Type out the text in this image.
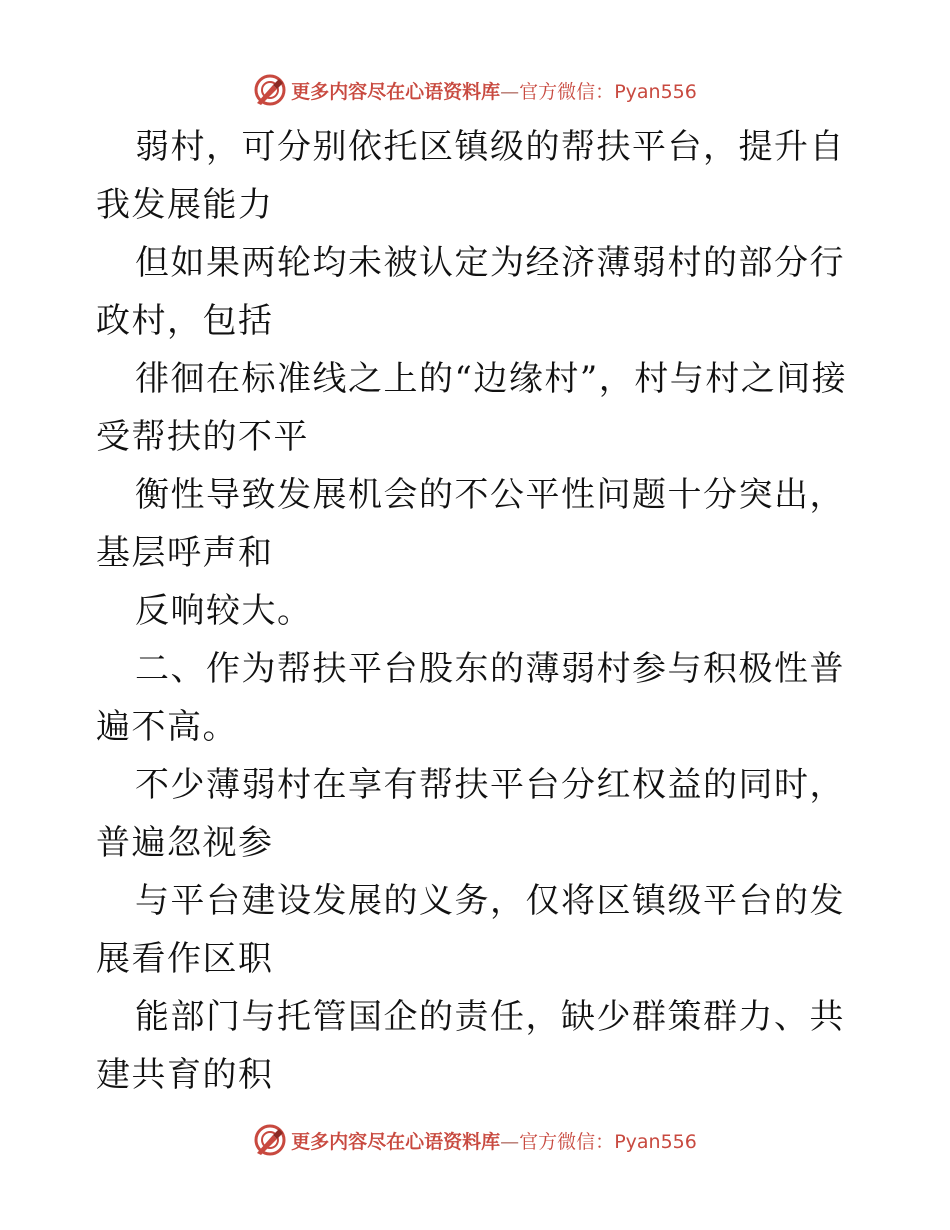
更多内容尽在心语资料库—官方微信：Pyan556

弱村，可分别依托区镇级的帮扶平台，提升自我发展能力

但如果两轮均未被认定为经济薄弱村的部分行政村，包括

徘徊在标准线之上的“边缘村”，村与村之间接受帮扶的不平

衡性导致发展机会的不公平性问题十分突出，基层呼声和

反响较大。

二、作为帮扶平台股东的薄弱村参与积极性普遍不高。

不少薄弱村在享有帮扶平台分红权益的同时，普遍忽视参

与平台建设发展的义务，仅将区镇级平台的发展看作区职

能部门与托管国企的责任，缺少群策群力、共建共育的积

更多内容尽在心语资料库—官方微信：Pyan556
